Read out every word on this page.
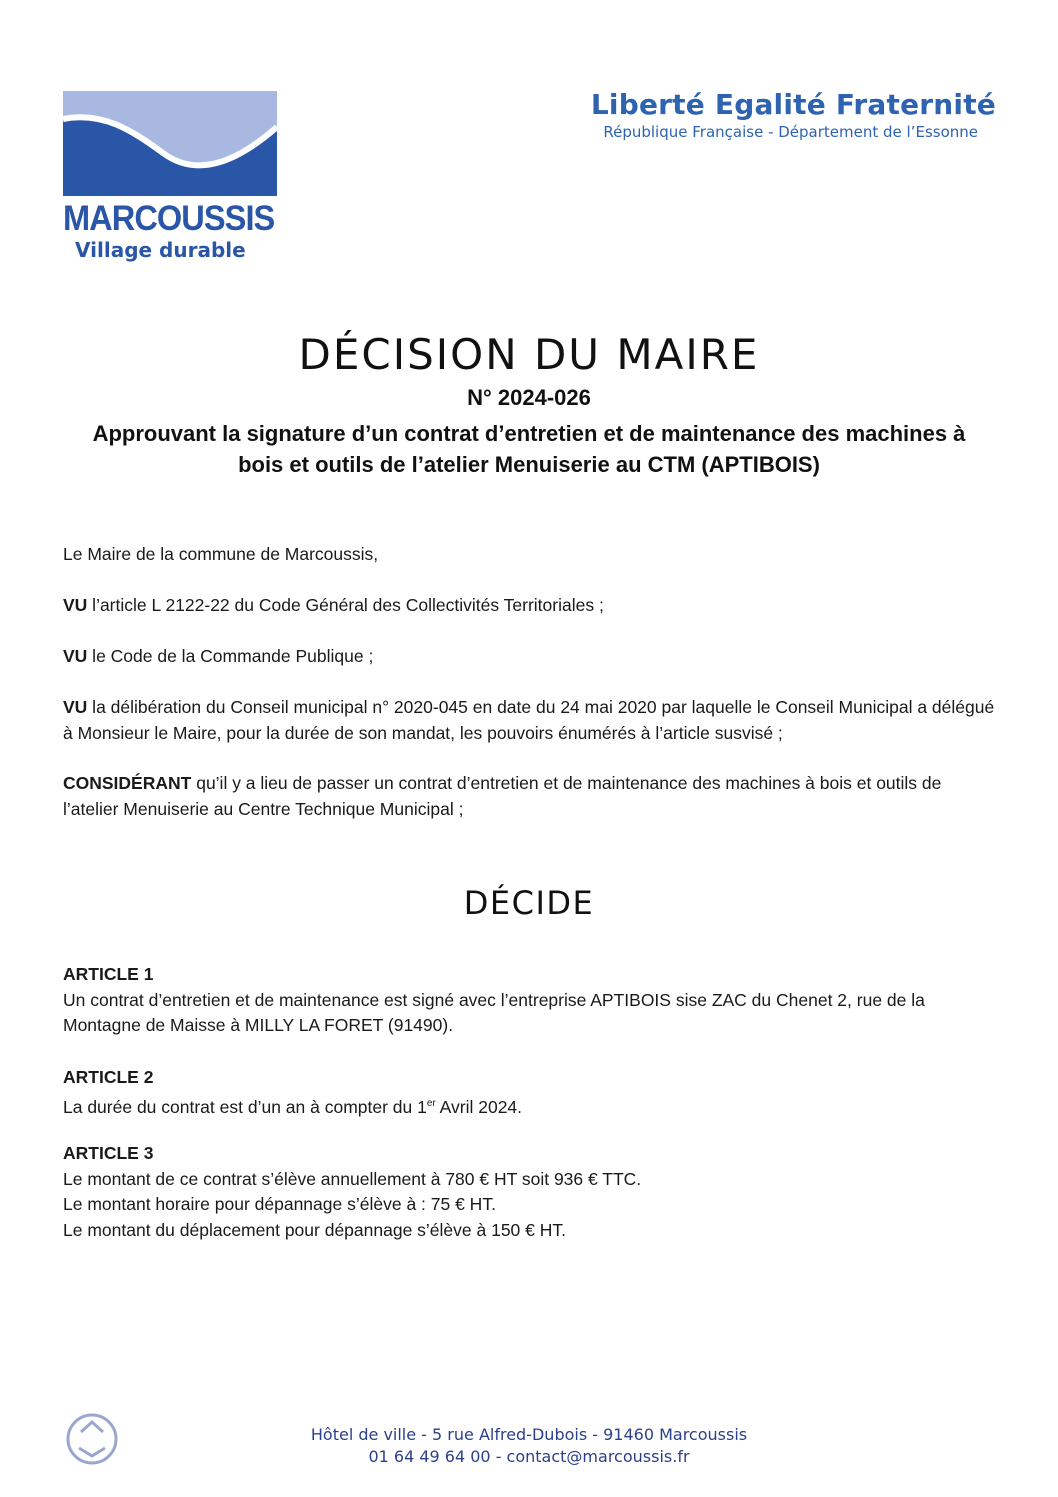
MARCOUSSIS
Village durable
Liberté Egalité Fraternité
République Française - Département de l’Essonne
DÉCISION DU MAIRE
N° 2024-026
Approuvant la signature d’un contrat d’entretien et de maintenance des machines à
bois et outils de l’atelier Menuiserie au CTM (APTIBOIS)
Le Maire de la commune de Marcoussis,
VU l’article L 2122-22 du Code Général des Collectivités Territoriales ;
VU le Code de la Commande Publique ;
VU la délibération du Conseil municipal n° 2020-045 en date du 24 mai 2020 par laquelle le Conseil Municipal a délégué à Monsieur le Maire, pour la durée de son mandat, les pouvoirs énumérés à l’article susvisé ;
CONSIDÉRANT qu’il y a lieu de passer un contrat d’entretien et de maintenance des machines à bois et outils de l’atelier Menuiserie au Centre Technique Municipal ;
DÉCIDE
ARTICLE 1
Un contrat d’entretien et de maintenance est signé avec l’entreprise APTIBOIS sise ZAC du Chenet 2, rue de la Montagne de Maisse à MILLY LA FORET (91490).
ARTICLE 2
La durée du contrat est d’un an à compter du 1er Avril 2024.
ARTICLE 3
Le montant de ce contrat s’élève annuellement à 780 € HT soit 936 € TTC.
Le montant horaire pour dépannage s’élève à : 75 € HT.
Le montant du déplacement pour dépannage s’élève à 150 € HT.
Hôtel de ville - 5 rue Alfred-Dubois - 91460 Marcoussis
01 64 49 64 00 - contact@marcoussis.fr
